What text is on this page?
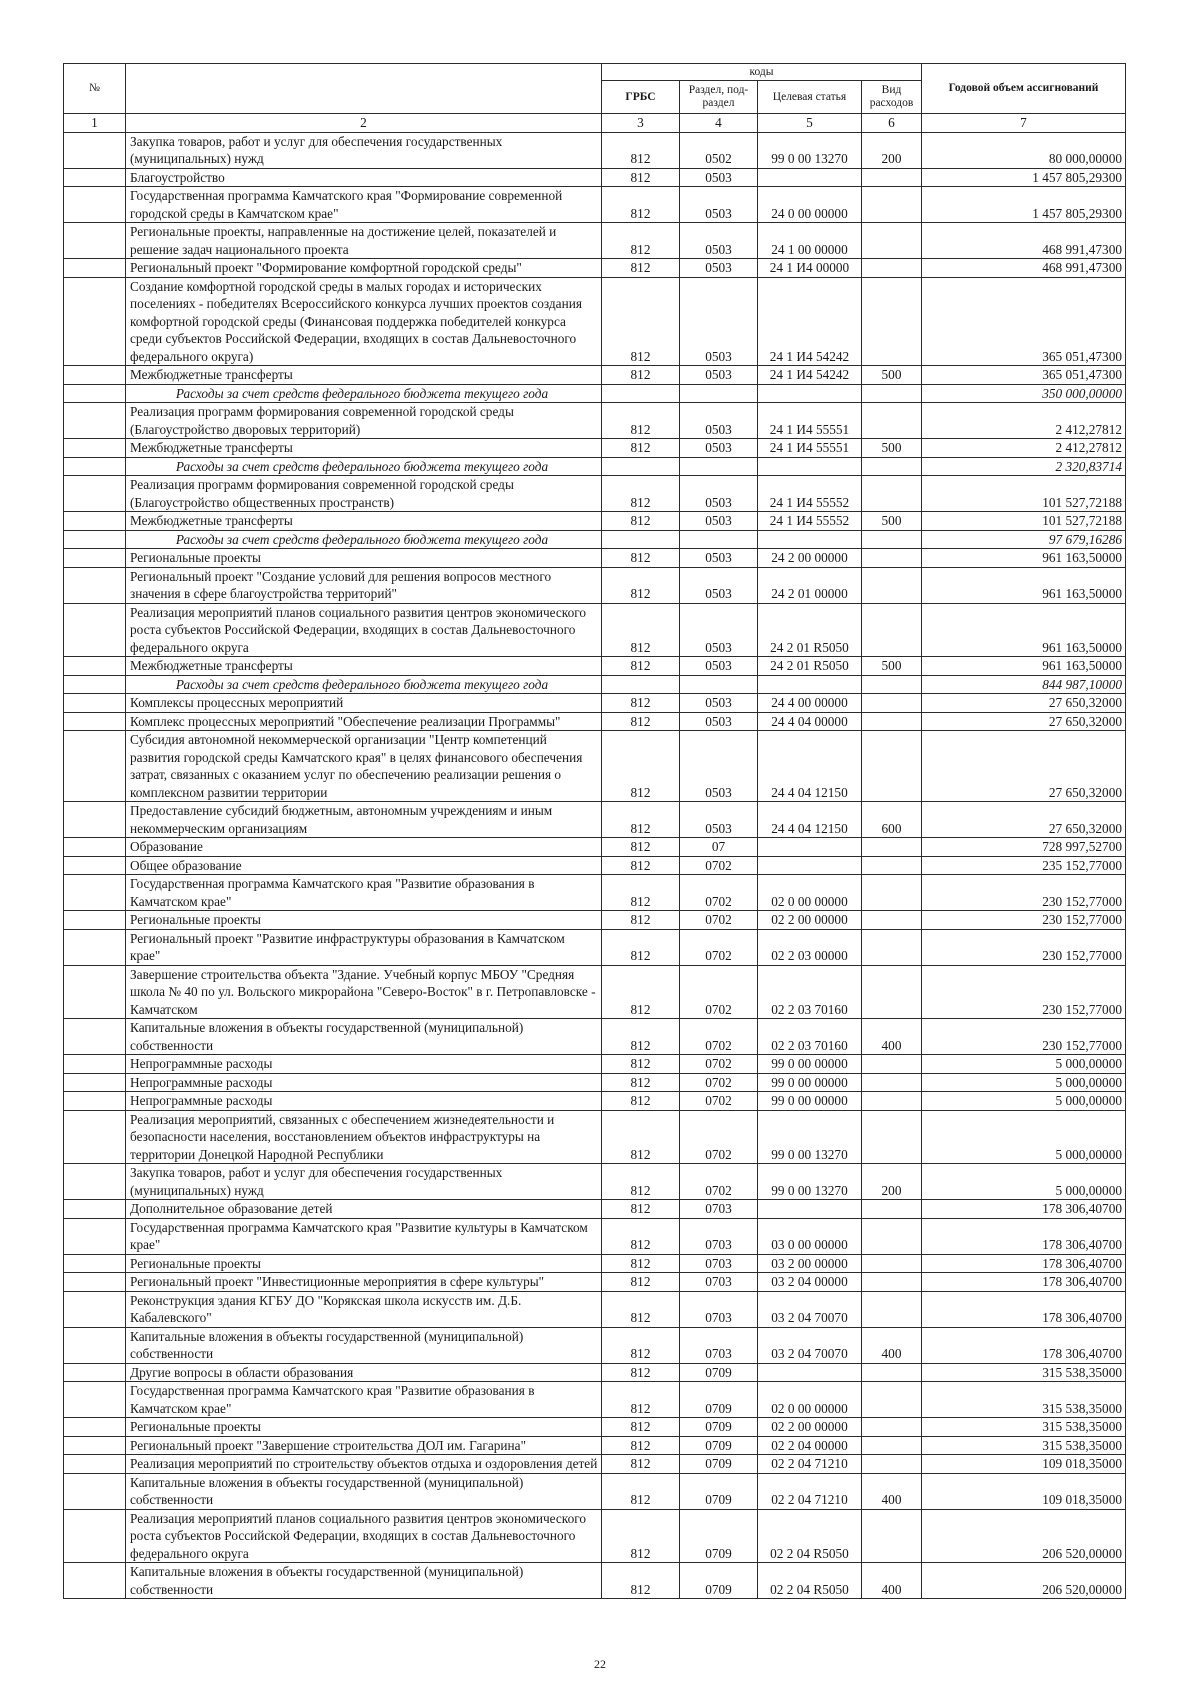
№		коды				Годовой объем ассигнований
		ГРБС	Раздел, под-раздел	Целевая статья	Вид расходов	
1	2	3	4	5	6	7
	Закупка товаров, работ и услуг для обеспечения государственных (муниципальных) нужд	812	0502	99 0 00 13270	200	80 000,00000
	Благоустройство	812	0503			1 457 805,29300
	Государственная программа Камчатского края "Формирование современной городской среды в Камчатском крае"	812	0503	24 0 00 00000		1 457 805,29300
	Региональные проекты, направленные на достижение целей, показателей и решение задач национального проекта	812	0503	24 1 00 00000		468 991,47300
	Региональный проект "Формирование комфортной городской среды"	812	0503	24 1 И4 00000		468 991,47300
	Создание комфортной городской среды в малых городах и исторических поселениях - победителях Всероссийского конкурса лучших проектов создания комфортной городской среды (Финансовая поддержка победителей конкурса среди субъектов Российской Федерации, входящих в состав Дальневосточного федерального округа)	812	0503	24 1 И4 54242		365 051,47300
	Межбюджетные трансферты	812	0503	24 1 И4 54242	500	365 051,47300
	Расходы за счет средств федерального бюджета текущего года					350 000,00000
	Реализация программ формирования современной городской среды (Благоустройство дворовых территорий)	812	0503	24 1 И4 55551		2 412,27812
	Межбюджетные трансферты	812	0503	24 1 И4 55551	500	2 412,27812
	Расходы за счет средств федерального бюджета текущего года					2 320,83714
	Реализация программ формирования современной городской среды (Благоустройство общественных пространств)	812	0503	24 1 И4 55552		101 527,72188
	Межбюджетные трансферты	812	0503	24 1 И4 55552	500	101 527,72188
	Расходы за счет средств федерального бюджета текущего года					97 679,16286
	Региональные проекты	812	0503	24 2 00 00000		961 163,50000
	Региональный проект "Создание условий для решения вопросов местного значения в сфере благоустройства территорий"	812	0503	24 2 01 00000		961 163,50000
	Реализация мероприятий планов социального развития центров экономического роста субъектов Российской Федерации, входящих в состав Дальневосточного федерального округа	812	0503	24 2 01 R5050		961 163,50000
	Межбюджетные трансферты	812	0503	24 2 01 R5050	500	961 163,50000
	Расходы за счет средств федерального бюджета текущего года					844 987,10000
	Комплексы процессных мероприятий	812	0503	24 4 00 00000		27 650,32000
	Комплекс процессных мероприятий "Обеспечение реализации Программы"	812	0503	24 4 04 00000		27 650,32000
	Субсидия автономной некоммерческой организации "Центр компетенций развития городской среды Камчатского края" в целях финансового обеспечения затрат, связанных с оказанием услуг по обеспечению реализации решения о комплексном развитии территории	812	0503	24 4 04 12150		27 650,32000
	Предоставление субсидий бюджетным, автономным учреждениям и иным некоммерческим организациям	812	0503	24 4 04 12150	600	27 650,32000
	Образование	812	07			728 997,52700
	Общее образование	812	0702			235 152,77000
	Государственная программа Камчатского края "Развитие образования в Камчатском крае"	812	0702	02 0 00 00000		230 152,77000
	Региональные проекты	812	0702	02 2 00 00000		230 152,77000
	Региональный проект "Развитие инфраструктуры образования в Камчатском крае"	812	0702	02 2 03 00000		230 152,77000
	Завершение строительства объекта "Здание. Учебный корпус МБОУ "Средняя школа № 40 по ул. Вольского микрорайона "Северо-Восток" в г. Петропавловске - Камчатском	812	0702	02 2 03 70160		230 152,77000
	Капитальные вложения в объекты государственной (муниципальной) собственности	812	0702	02 2 03 70160	400	230 152,77000
	Непрограммные расходы	812	0702	99 0 00 00000		5 000,00000
	Непрограммные расходы	812	0702	99 0 00 00000		5 000,00000
	Непрограммные расходы	812	0702	99 0 00 00000		5 000,00000
	Реализация мероприятий, связанных с обеспечением жизнедеятельности и безопасности населения, восстановлением объектов инфраструктуры на территории Донецкой Народной Республики	812	0702	99 0 00 13270		5 000,00000
	Закупка товаров, работ и услуг для обеспечения государственных (муниципальных) нужд	812	0702	99 0 00 13270	200	5 000,00000
	Дополнительное образование детей	812	0703			178 306,40700
	Государственная программа Камчатского края "Развитие культуры в Камчатском крае"	812	0703	03 0 00 00000		178 306,40700
	Региональные проекты	812	0703	03 2 00 00000		178 306,40700
	Региональный проект "Инвестиционные мероприятия в сфере культуры"	812	0703	03 2 04 00000		178 306,40700
	Реконструкция здания КГБУ ДО "Корякская школа искусств им. Д.Б. Кабалевского"	812	0703	03 2 04 70070		178 306,40700
	Капитальные вложения в объекты государственной (муниципальной) собственности	812	0703	03 2 04 70070	400	178 306,40700
	Другие вопросы в области образования	812	0709			315 538,35000
	Государственная программа Камчатского края "Развитие образования в Камчатском крае"	812	0709	02 0 00 00000		315 538,35000
	Региональные проекты	812	0709	02 2 00 00000		315 538,35000
	Региональный проект "Завершение строительства ДОЛ им. Гагарина"	812	0709	02 2 04 00000		315 538,35000
	Реализация мероприятий по строительству объектов отдыха и оздоровления детей	812	0709	02 2 04 71210		109 018,35000
	Капитальные вложения в объекты государственной (муниципальной) собственности	812	0709	02 2 04 71210	400	109 018,35000
	Реализация мероприятий планов социального развития центров экономического роста субъектов Российской Федерации, входящих в состав Дальневосточного федерального округа	812	0709	02 2 04 R5050		206 520,00000
	Капитальные вложения в объекты государственной (муниципальной) собственности	812	0709	02 2 04 R5050	400	206 520,00000
22
